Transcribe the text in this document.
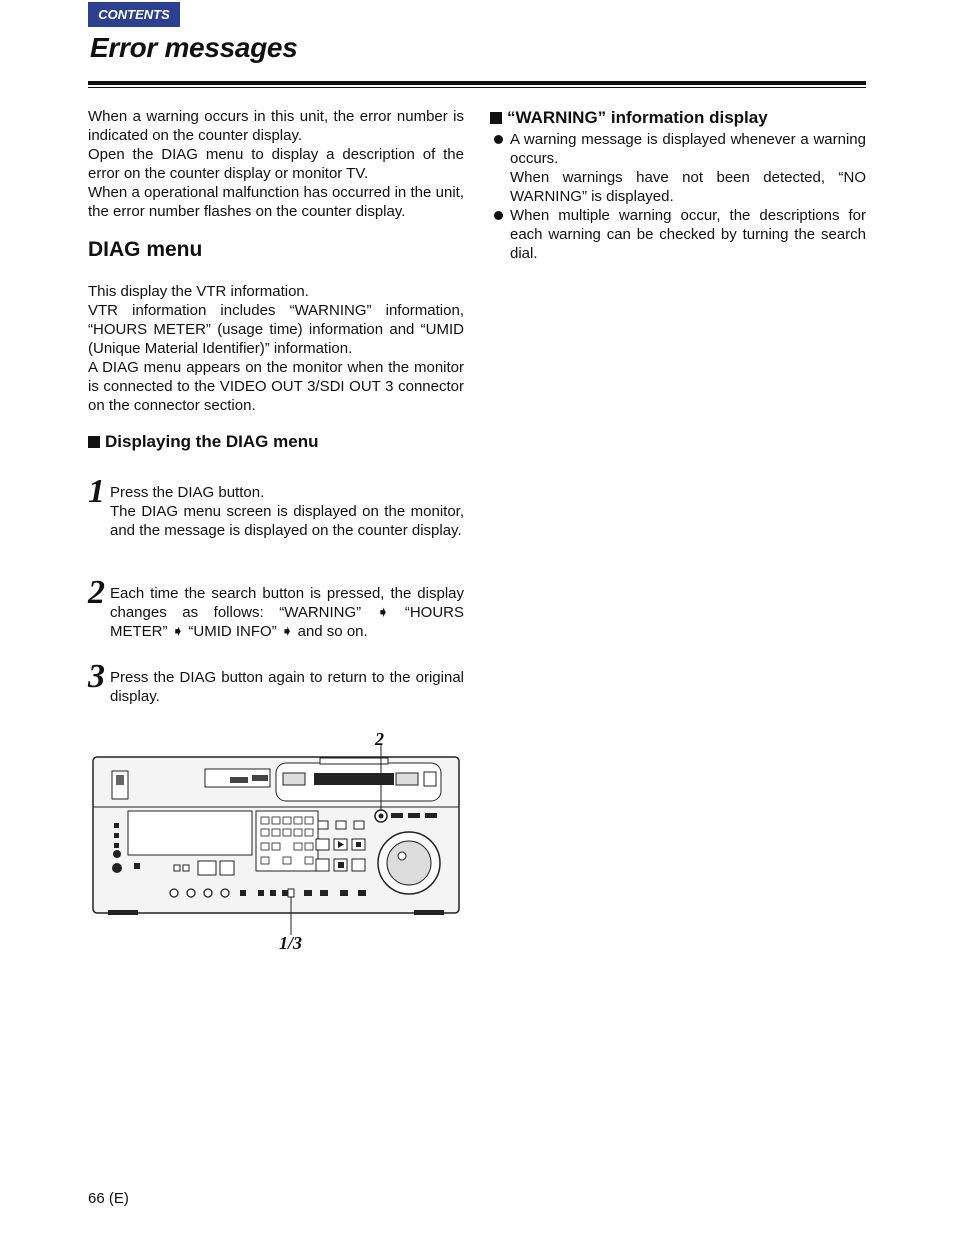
CONTENTS
Error messages

When a warning occurs in this unit, the error number is indicated on the counter display.

Open the DIAG menu to display a description of the error on the counter display or monitor TV.

When a operational malfunction has occurred in the unit, the error number flashes on the counter display.

DIAG menu

This display the VTR information.

VTR information includes “WARNING” information, “HOURS METER” (usage time) information and “UMID (Unique Material Identifier)” information.

A DIAG menu appears on the monitor when the monitor is connected to the VIDEO OUT 3/SDI OUT 3 connector on the connector section.

Displaying the DIAG menu
1 Press the DIAG button.

The DIAG menu screen is displayed on the monitor, and the message is displayed on the counter display.

2 Each time the search button is pressed, the display changes as follows: “WARNING” ➧ “HOURS METER” ➧ “UMID INFO” ➧ and so on.

3 Press the DIAG button again to return to the original display.

2
1/3
“WARNING” information display

A warning message is displayed whenever a warning occurs.

When warnings have not been detected, “NO WARNING” is displayed.

When multiple warning occur, the descriptions for each warning can be checked by turning the search dial.

66 (E)
